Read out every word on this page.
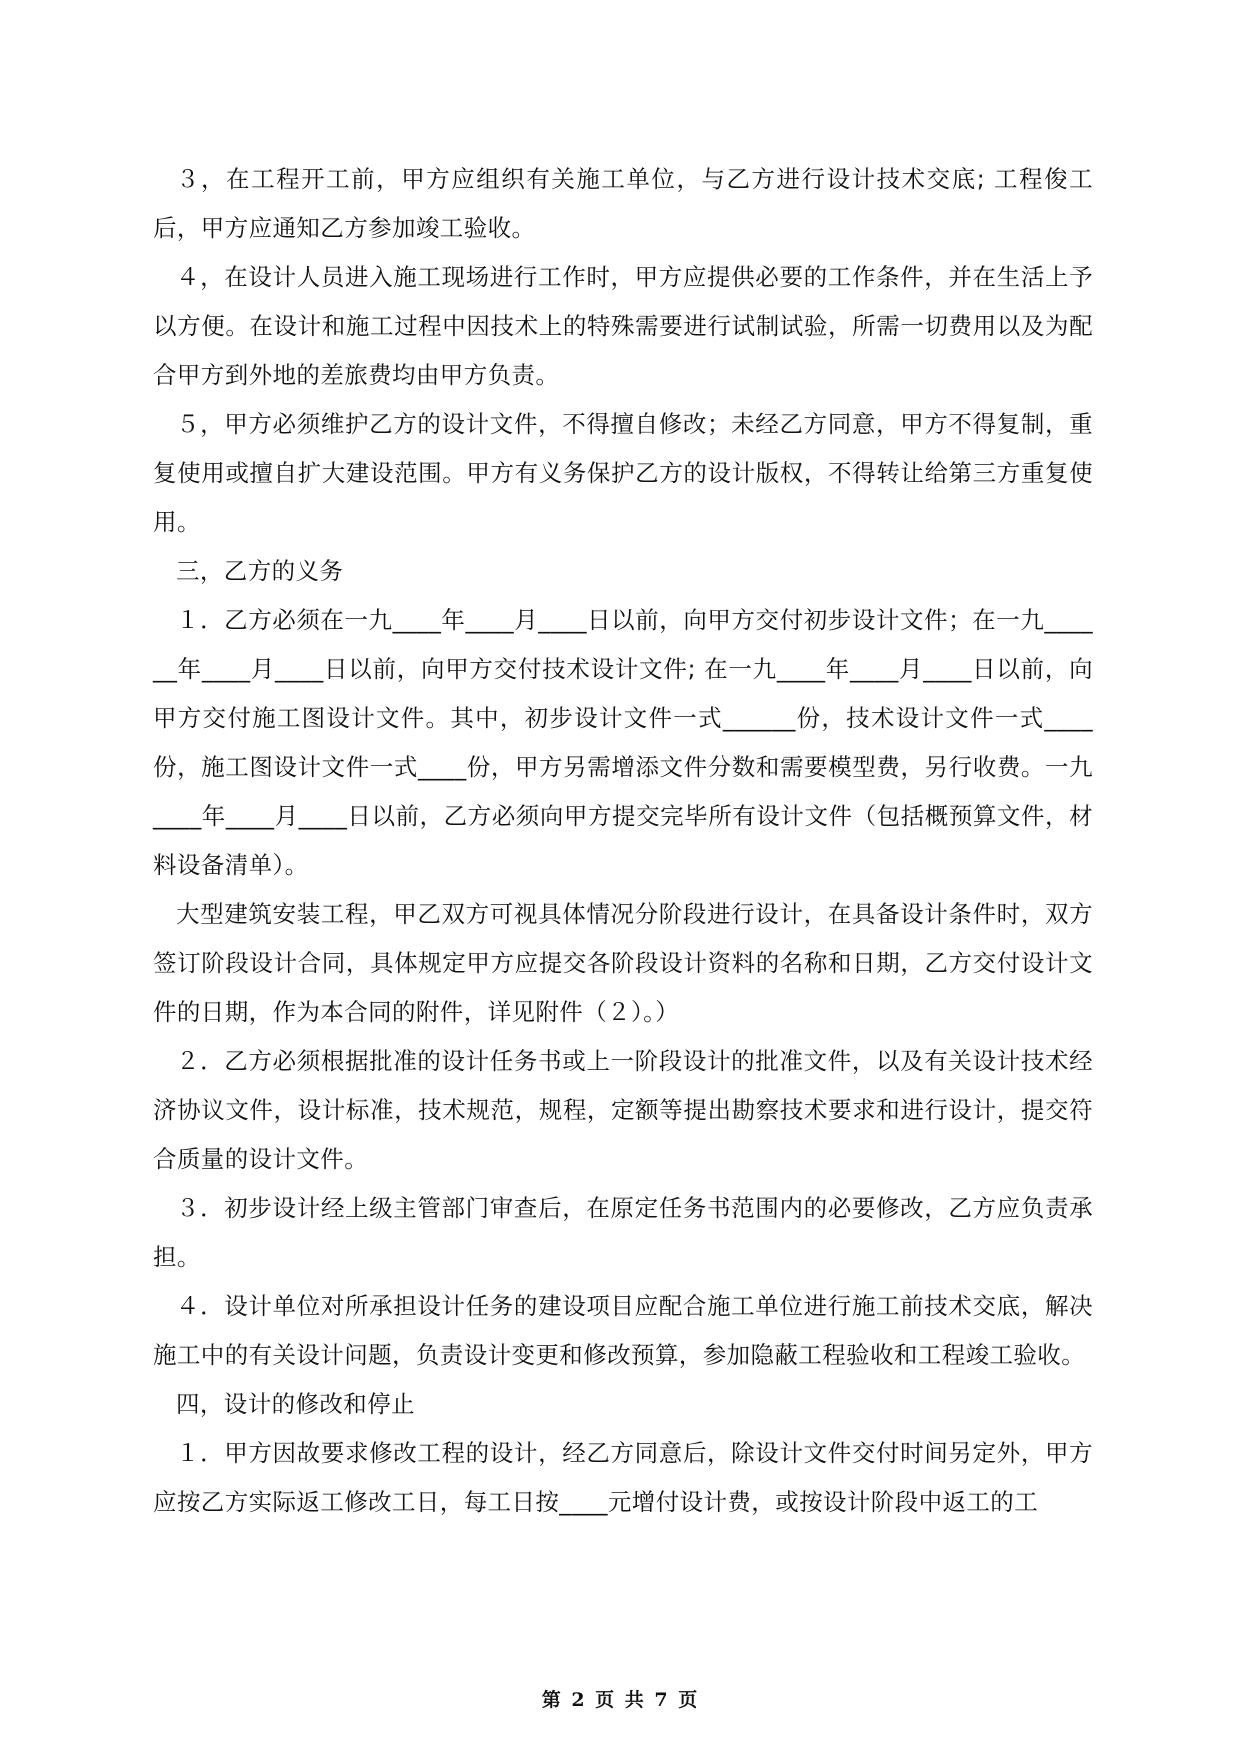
３，在工程开工前，甲方应组织有关施工单位，与乙方进行设计技术交底; 工程俊工后，甲方应通知乙方参加竣工验收。

４，在设计人员进入施工现场进行工作时，甲方应提供必要的工作条件，并在生活上予以方便。在设计和施工过程中因技术上的特殊需要进行试制试验，所需一切费用以及为配合甲方到外地的差旅费均由甲方负责。

５，甲方必须维护乙方的设计文件，不得擅自修改；未经乙方同意，甲方不得复制，重复使用或擅自扩大建设范围。甲方有义务保护乙方的设计版权，不得转让给第三方重复使用。

三，乙方的义务

１．乙方必须在一九____年____月____日以前，向甲方交付初步设计文件；在一九______年____月____日以前，向甲方交付技术设计文件; 在一九____年____月____日以前，向甲方交付施工图设计文件。其中，初步设计文件一式______份，技术设计文件一式____份，施工图设计文件一式____份，甲方另需增添文件分数和需要模型费，另行收费。一九____年____月____日以前，乙方必须向甲方提交完毕所有设计文件（包括概预算文件，材料设备清单）。

大型建筑安装工程，甲乙双方可视具体情况分阶段进行设计，在具备设计条件时，双方签订阶段设计合同，具体规定甲方应提交各阶段设计资料的名称和日期，乙方交付设计文件的日期，作为本合同的附件，详见附件（２）。）

２．乙方必须根据批准的设计任务书或上一阶段设计的批准文件，以及有关设计技术经济协议文件，设计标准，技术规范，规程，定额等提出勘察技术要求和进行设计，提交符合质量的设计文件。

３．初步设计经上级主管部门审查后，在原定任务书范围内的必要修改，乙方应负责承担。

４．设计单位对所承担设计任务的建设项目应配合施工单位进行施工前技术交底，解决施工中的有关设计问题，负责设计变更和修改预算，参加隐蔽工程验收和工程竣工验收。

四，设计的修改和停止

１．甲方因故要求修改工程的设计，经乙方同意后，除设计文件交付时间另定外，甲方应按乙方实际返工修改工日，每工日按____元增付设计费，或按设计阶段中返工的工

第 2 页 共 7 页
